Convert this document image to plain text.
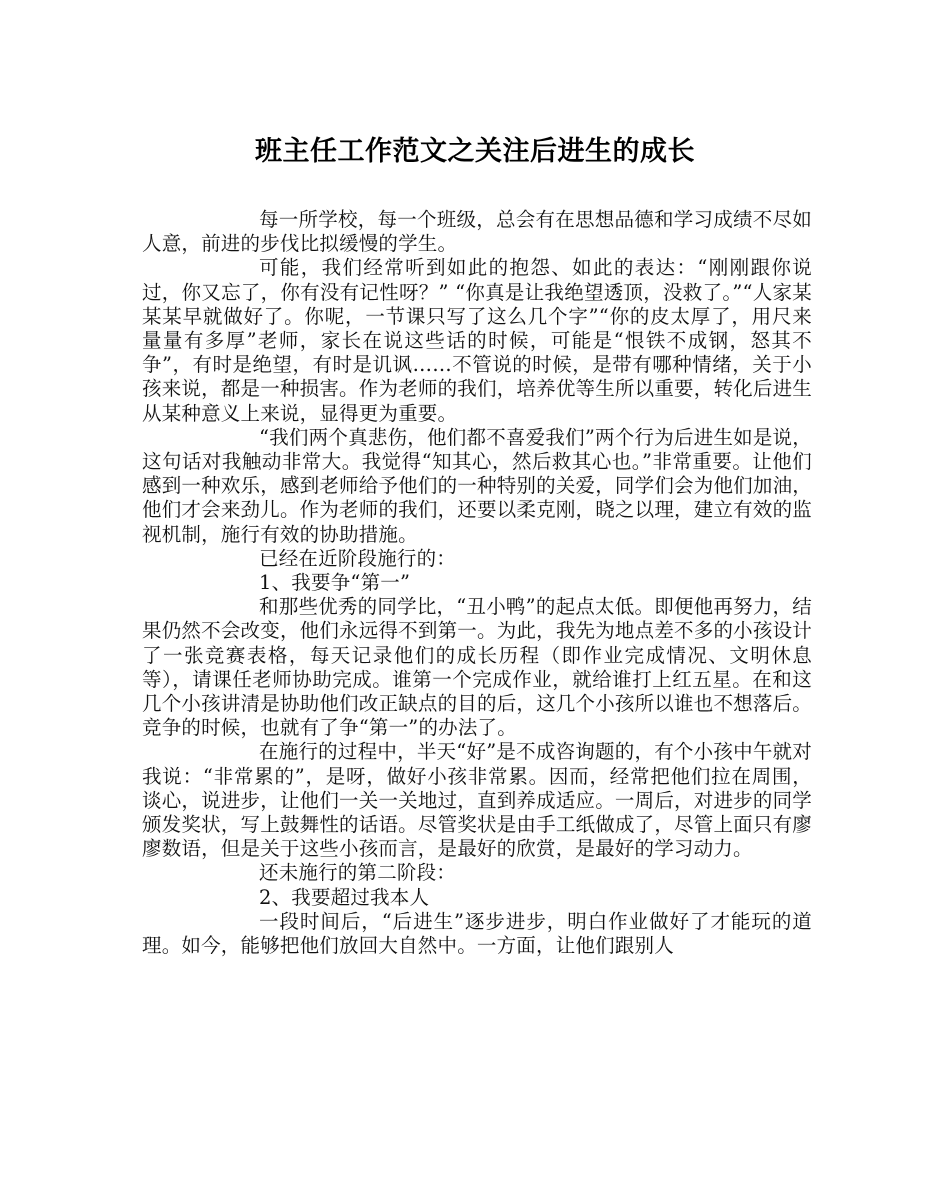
班主任工作范文之关注后进生的成长

每一所学校，每一个班级，总会有在思想品德和学习成绩不尽如人意，前进的步伐比拟缓慢的学生。

可能，我们经常听到如此的抱怨、如此的表达：“刚刚跟你说过，你又忘了，你有没有记性呀？” “你真是让我绝望透顶，没救了。”“人家某某某早就做好了。你呢，一节课只写了这么几个字”“你的皮太厚了，用尺来量量有多厚”老师，家长在说这些话的时候，可能是“恨铁不成钢，怒其不争”，有时是绝望，有时是讥讽……不管说的时候，是带有哪种情绪，关于小孩来说，都是一种损害。作为老师的我们，培养优等生所以重要，转化后进生从某种意义上来说，显得更为重要。

“我们两个真悲伤，他们都不喜爱我们”两个行为后进生如是说，这句话对我触动非常大。我觉得“知其心，然后救其心也。”非常重要。让他们感到一种欢乐，感到老师给予他们的一种特别的关爱，同学们会为他们加油，他们才会来劲儿。作为老师的我们，还要以柔克刚，晓之以理，建立有效的监视机制，施行有效的协助措施。

已经在近阶段施行的：

1、我要争“第一”

和那些优秀的同学比，“丑小鸭”的起点太低。即便他再努力，结果仍然不会改变，他们永远得不到第一。为此，我先为地点差不多的小孩设计了一张竞赛表格，每天记录他们的成长历程（即作业完成情况、文明休息等），请课任老师协助完成。谁第一个完成作业，就给谁打上红五星。在和这几个小孩讲清是协助他们改正缺点的目的后，这几个小孩所以谁也不想落后。竞争的时候，也就有了争“第一”的办法了。

在施行的过程中，半天“好”是不成咨询题的，有个小孩中午就对我说：“非常累的”，是呀，做好小孩非常累。因而，经常把他们拉在周围，谈心，说进步，让他们一关一关地过，直到养成适应。一周后，对进步的同学颁发奖状，写上鼓舞性的话语。尽管奖状是由手工纸做成了，尽管上面只有廖廖数语，但是关于这些小孩而言，是最好的欣赏，是最好的学习动力。

还未施行的第二阶段：

2、我要超过我本人

一段时间后，“后进生”逐步进步，明白作业做好了才能玩的道理。如今，能够把他们放回大自然中。一方面，让他们跟别人
